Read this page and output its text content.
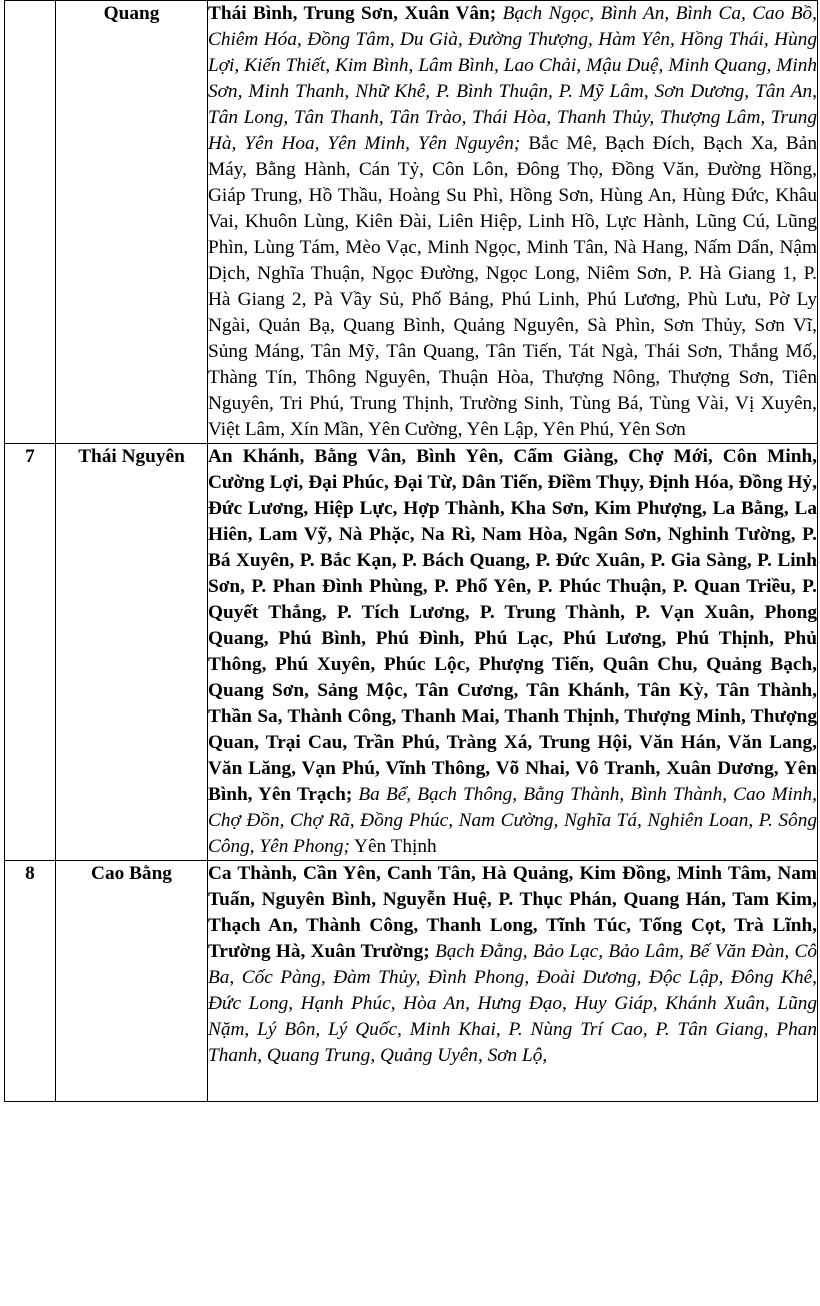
	Quang	Thái Bình, Trung Sơn, Xuân Vân; Bạch Ngọc, Bình An, Bình Ca, Cao Bồ, Chiêm Hóa, Đồng Tâm, Du Già, Đường Thượng, Hàm Yên, Hồng Thái, Hùng Lợi, Kiến Thiết, Kim Bình, Lâm Bình, Lao Chải, Mậu Duệ, Minh Quang, Minh Sơn, Minh Thanh, Nhữ Khê, P. Bình Thuận, P. Mỹ Lâm, Sơn Dương, Tân An, Tân Long, Tân Thanh, Tân Trào, Thái Hòa, Thanh Thủy, Thượng Lâm, Trung Hà, Yên Hoa, Yên Minh, Yên Nguyên; Bắc Mê, Bạch Đích, Bạch Xa, Bản Máy, Bằng Hành, Cán Tỷ, Côn Lôn, Đông Thọ, Đồng Văn, Đường Hồng, Giáp Trung, Hồ Thầu, Hoàng Su Phì, Hồng Sơn, Hùng An, Hùng Đức, Khâu Vai, Khuôn Lùng, Kiên Đài, Liên Hiệp, Linh Hồ, Lực Hành, Lũng Cú, Lũng Phìn, Lùng Tám, Mèo Vạc, Minh Ngọc, Minh Tân, Nà Hang, Nấm Dẩn, Nậm Dịch, Nghĩa Thuận, Ngọc Đường, Ngọc Long, Niêm Sơn, P. Hà Giang 1, P. Hà Giang 2, Pà Vầy Sủ, Phố Bảng, Phú Linh, Phú Lương, Phù Lưu, Pờ Ly Ngài, Quản Bạ, Quang Bình, Quảng Nguyên, Sà Phìn, Sơn Thủy, Sơn Vĩ, Sủng Máng, Tân Mỹ, Tân Quang, Tân Tiến, Tát Ngà, Thái Sơn, Thắng Mố, Thàng Tín, Thông Nguyên, Thuận Hòa, Thượng Nông, Thượng Sơn, Tiên Nguyên, Tri Phú, Trung Thịnh, Trường Sinh, Tùng Bá, Tùng Vài, Vị Xuyên, Việt Lâm, Xín Mần, Yên Cường, Yên Lập, Yên Phú, Yên Sơn
7	Thái Nguyên	An Khánh, Bằng Vân, Bình Yên, Cẩm Giàng, Chợ Mới, Côn Minh, Cường Lợi, Đại Phúc, Đại Từ, Dân Tiến, Điềm Thụy, Định Hóa, Đồng Hỷ, Đức Lương, Hiệp Lực, Hợp Thành, Kha Sơn, Kim Phượng, La Bằng, La Hiên, Lam Vỹ, Nà Phặc, Na Rì, Nam Hòa, Ngân Sơn, Nghinh Tường, P. Bá Xuyên, P. Bắc Kạn, P. Bách Quang, P. Đức Xuân, P. Gia Sàng, P. Linh Sơn, P. Phan Đình Phùng, P. Phổ Yên, P. Phúc Thuận, P. Quan Triều, P. Quyết Thắng, P. Tích Lương, P. Trung Thành, P. Vạn Xuân, Phong Quang, Phú Bình, Phú Đình, Phú Lạc, Phú Lương, Phú Thịnh, Phủ Thông, Phú Xuyên, Phúc Lộc, Phượng Tiến, Quân Chu, Quảng Bạch, Quang Sơn, Sảng Mộc, Tân Cương, Tân Khánh, Tân Kỳ, Tân Thành, Thần Sa, Thành Công, Thanh Mai, Thanh Thịnh, Thượng Minh, Thượng Quan, Trại Cau, Trần Phú, Tràng Xá, Trung Hội, Văn Hán, Văn Lang, Văn Lăng, Vạn Phú, Vĩnh Thông, Võ Nhai, Vô Tranh, Xuân Dương, Yên Bình, Yên Trạch; Ba Bể, Bạch Thông, Bằng Thành, Bình Thành, Cao Minh, Chợ Đồn, Chợ Rã, Đồng Phúc, Nam Cường, Nghĩa Tá, Nghiên Loan, P. Sông Công, Yên Phong; Yên Thịnh
8	Cao Bằng	Ca Thành, Cần Yên, Canh Tân, Hà Quảng, Kim Đồng, Minh Tâm, Nam Tuấn, Nguyên Bình, Nguyễn Huệ, P. Thục Phán, Quang Hán, Tam Kim, Thạch An, Thành Công, Thanh Long, Tĩnh Túc, Tổng Cọt, Trà Lĩnh, Trường Hà, Xuân Trường; Bạch Đằng, Bảo Lạc, Bảo Lâm, Bế Văn Đàn, Cô Ba, Cốc Pàng, Đàm Thủy, Đình Phong, Đoài Dương, Độc Lập, Đông Khê, Đức Long, Hạnh Phúc, Hòa An, Hưng Đạo, Huy Giáp, Khánh Xuân, Lũng Nặm, Lý Bôn, Lý Quốc, Minh Khai, P. Nùng Trí Cao, P. Tân Giang, Phan Thanh, Quang Trung, Quảng Uyên, Sơn Lộ,
